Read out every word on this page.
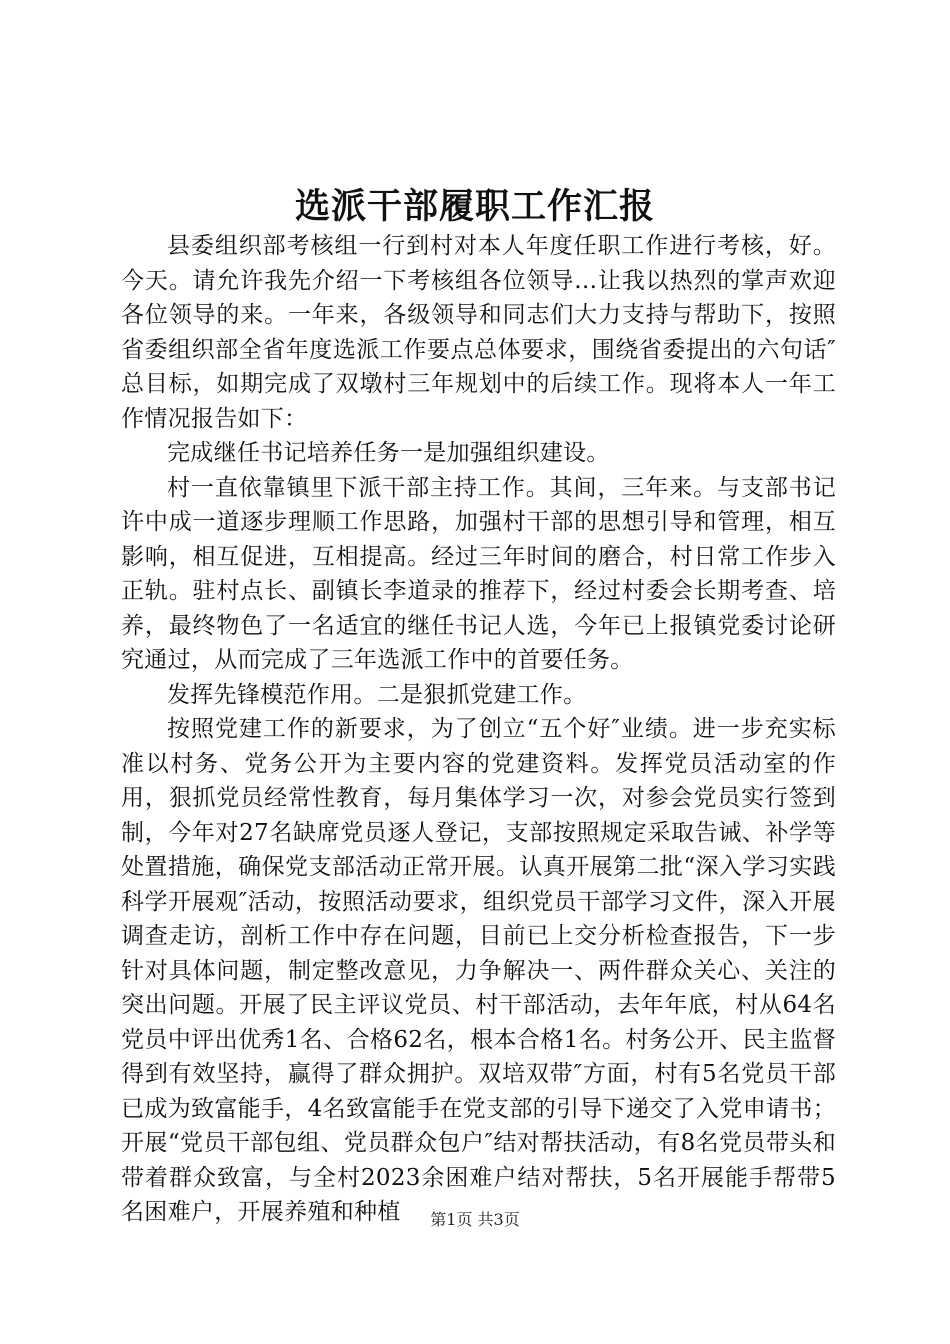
选派干部履职工作汇报

县委组织部考核组一行到村对本人年度任职工作进行考核，好。今天。请允许我先介绍一下考核组各位领导…让我以热烈的掌声欢迎各位领导的来。一年来，各级领导和同志们大力支持与帮助下，按照省委组织部全省年度选派工作要点总体要求，围绕省委提出的六句话″总目标，如期完成了双墩村三年规划中的后续工作。现将本人一年工作情况报告如下：

完成继任书记培养任务一是加强组织建设。

村一直依靠镇里下派干部主持工作。其间，三年来。与支部书记许中成一道逐步理顺工作思路，加强村干部的思想引导和管理，相互影响，相互促进，互相提高。经过三年时间的磨合，村日常工作步入正轨。驻村点长、副镇长李道录的推荐下，经过村委会长期考查、培养，最终物色了一名适宜的继任书记人选，今年已上报镇党委讨论研究通过，从而完成了三年选派工作中的首要任务。

发挥先锋模范作用。二是狠抓党建工作。

按照党建工作的新要求，为了创立“五个好″业绩。进一步充实标准以村务、党务公开为主要内容的党建资料。发挥党员活动室的作用，狠抓党员经常性教育，每月集体学习一次，对参会党员实行签到制，今年对27名缺席党员逐人登记，支部按照规定采取告诫、补学等处置措施，确保党支部活动正常开展。认真开展第二批“深入学习实践科学开展观″活动，按照活动要求，组织党员干部学习文件，深入开展调查走访，剖析工作中存在问题，目前已上交分析检查报告，下一步针对具体问题，制定整改意见，力争解决一、两件群众关心、关注的突出问题。开展了民主评议党员、村干部活动，去年年底，村从64名党员中评出优秀1名、合格62名，根本合格1名。村务公开、民主监督得到有效坚持，赢得了群众拥护。双培双带″方面，村有5名党员干部已成为致富能手，4名致富能手在党支部的引导下递交了入党申请书；开展“党员干部包组、党员群众包户″结对帮扶活动，有8名党员带头和带着群众致富，与全村2023余困难户结对帮扶，5名开展能手帮带5名困难户，开展养殖和种植	第1页 共3页
